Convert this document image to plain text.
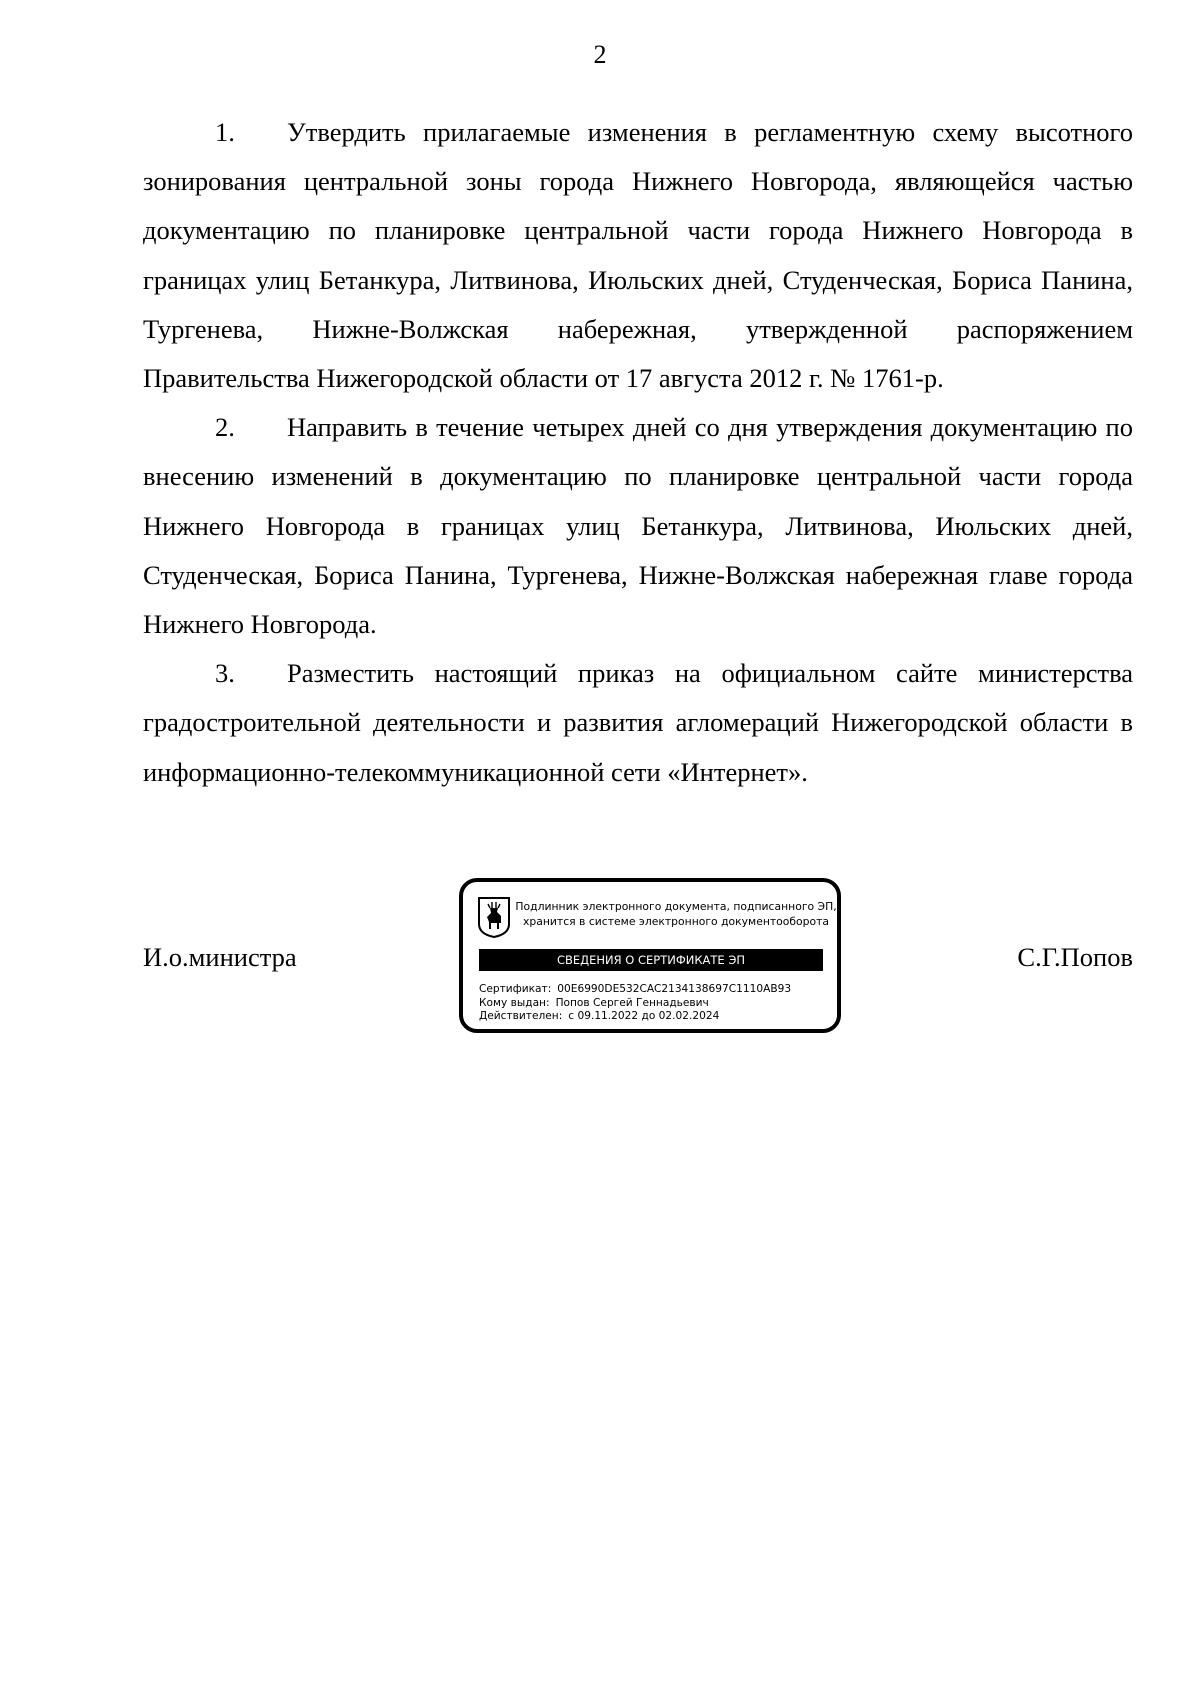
2

1. Утвердить прилагаемые изменения в регламентную схему высотного зонирования центральной зоны города Нижнего Новгорода, являющейся частью документацию по планировке центральной части города Нижнего Новгорода в границах улиц Бетанкура, Литвинова, Июльских дней, Студенческая, Бориса Панина, Тургенева, Нижне-Волжская набережная, утвержденной распоряжением Правительства Нижегородской области от 17 августа 2012 г. № 1761-р.

2. Направить в течение четырех дней со дня утверждения документацию по внесению изменений в документацию по планировке центральной части города Нижнего Новгорода в границах улиц Бетанкура, Литвинова, Июльских дней, Студенческая, Бориса Панина, Тургенева, Нижне-Волжская набережная главе города Нижнего Новгорода.

3. Разместить настоящий приказ на официальном сайте министерства градостроительной деятельности и развития агломераций Нижегородской области в информационно-телекоммуникационной сети «Интернет».

И.о.министра
Подлинник электронного документа, подписанного ЭП,
хранится в системе электронного документооборота
СВЕДЕНИЯ О СЕРТИФИКАТЕ ЭП
Сертификат: 00E6990DE532CAC2134138697C1110AB93
Кому выдан: Попов Сергей Геннадьевич
Действителен: с 09.11.2022 до 02.02.2024
С.Г.Попов
